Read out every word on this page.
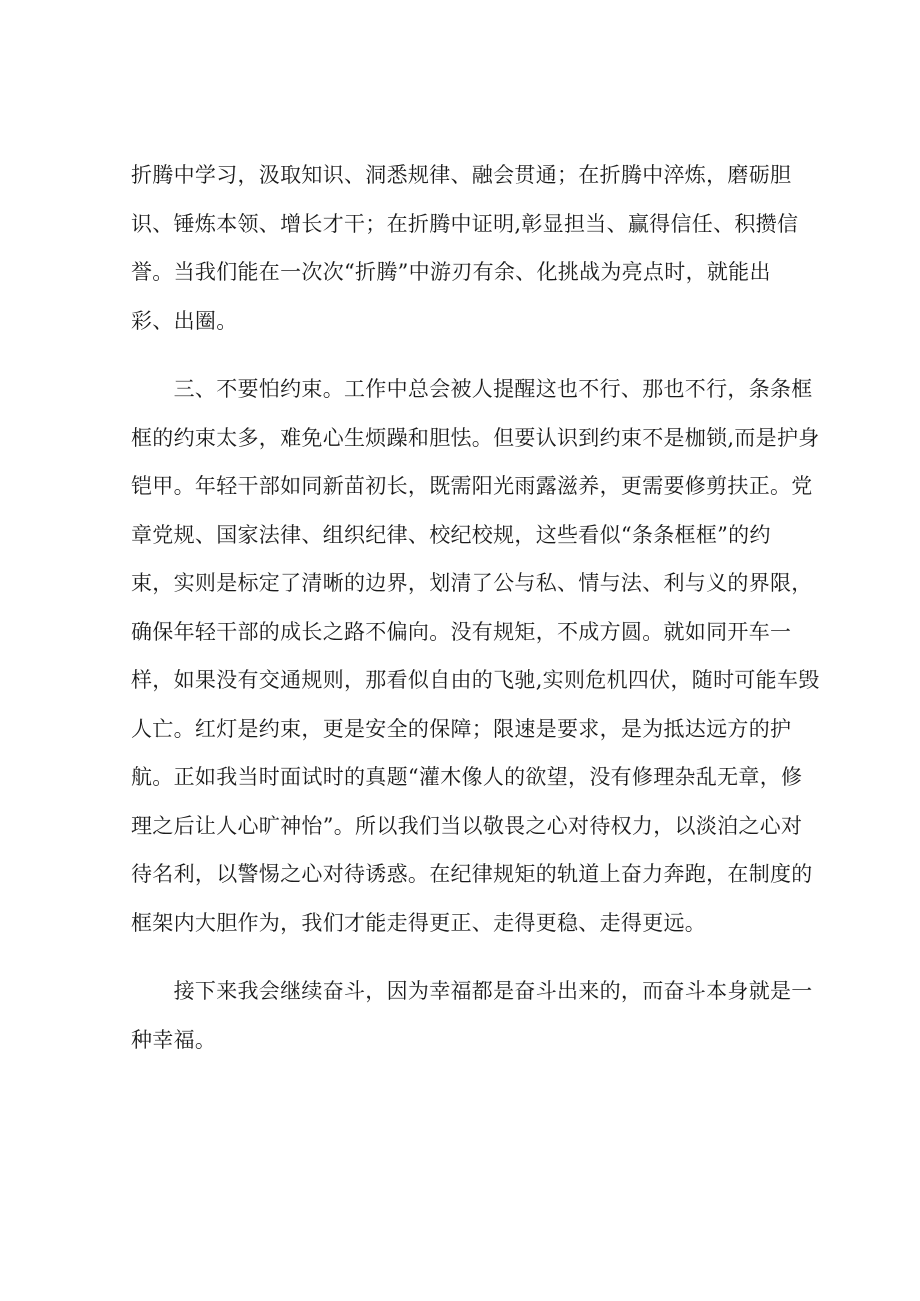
折腾中学习，汲取知识、洞悉规律、融会贯通；在折腾中淬炼，磨砺胆
识、锤炼本领、增长才干；在折腾中证明,彰显担当、赢得信任、积攒信
誉。当我们能在一次次“折腾”中游刃有余、化挑战为亮点时，就能出
彩、出圈。
　　三、不要怕约束。工作中总会被人提醒这也不行、那也不行，条条框
框的约束太多，难免心生烦躁和胆怯。但要认识到约束不是枷锁,而是护身
铠甲。年轻干部如同新苗初长，既需阳光雨露滋养，更需要修剪扶正。党
章党规、国家法律、组织纪律、校纪校规，这些看似“条条框框”的约
束，实则是标定了清晰的边界，划清了公与私、情与法、利与义的界限，
确保年轻干部的成长之路不偏向。没有规矩，不成方圆。就如同开车一
样，如果没有交通规则，那看似自由的飞驰,实则危机四伏，随时可能车毁
人亡。红灯是约束，更是安全的保障；限速是要求，是为抵达远方的护
航。正如我当时面试时的真题“灌木像人的欲望，没有修理杂乱无章，修
理之后让人心旷神怡”。所以我们当以敬畏之心对待权力，以淡泊之心对
待名利，以警惕之心对待诱惑。在纪律规矩的轨道上奋力奔跑，在制度的
框架内大胆作为，我们才能走得更正、走得更稳、走得更远。
　　接下来我会继续奋斗，因为幸福都是奋斗出来的，而奋斗本身就是一
种幸福。
